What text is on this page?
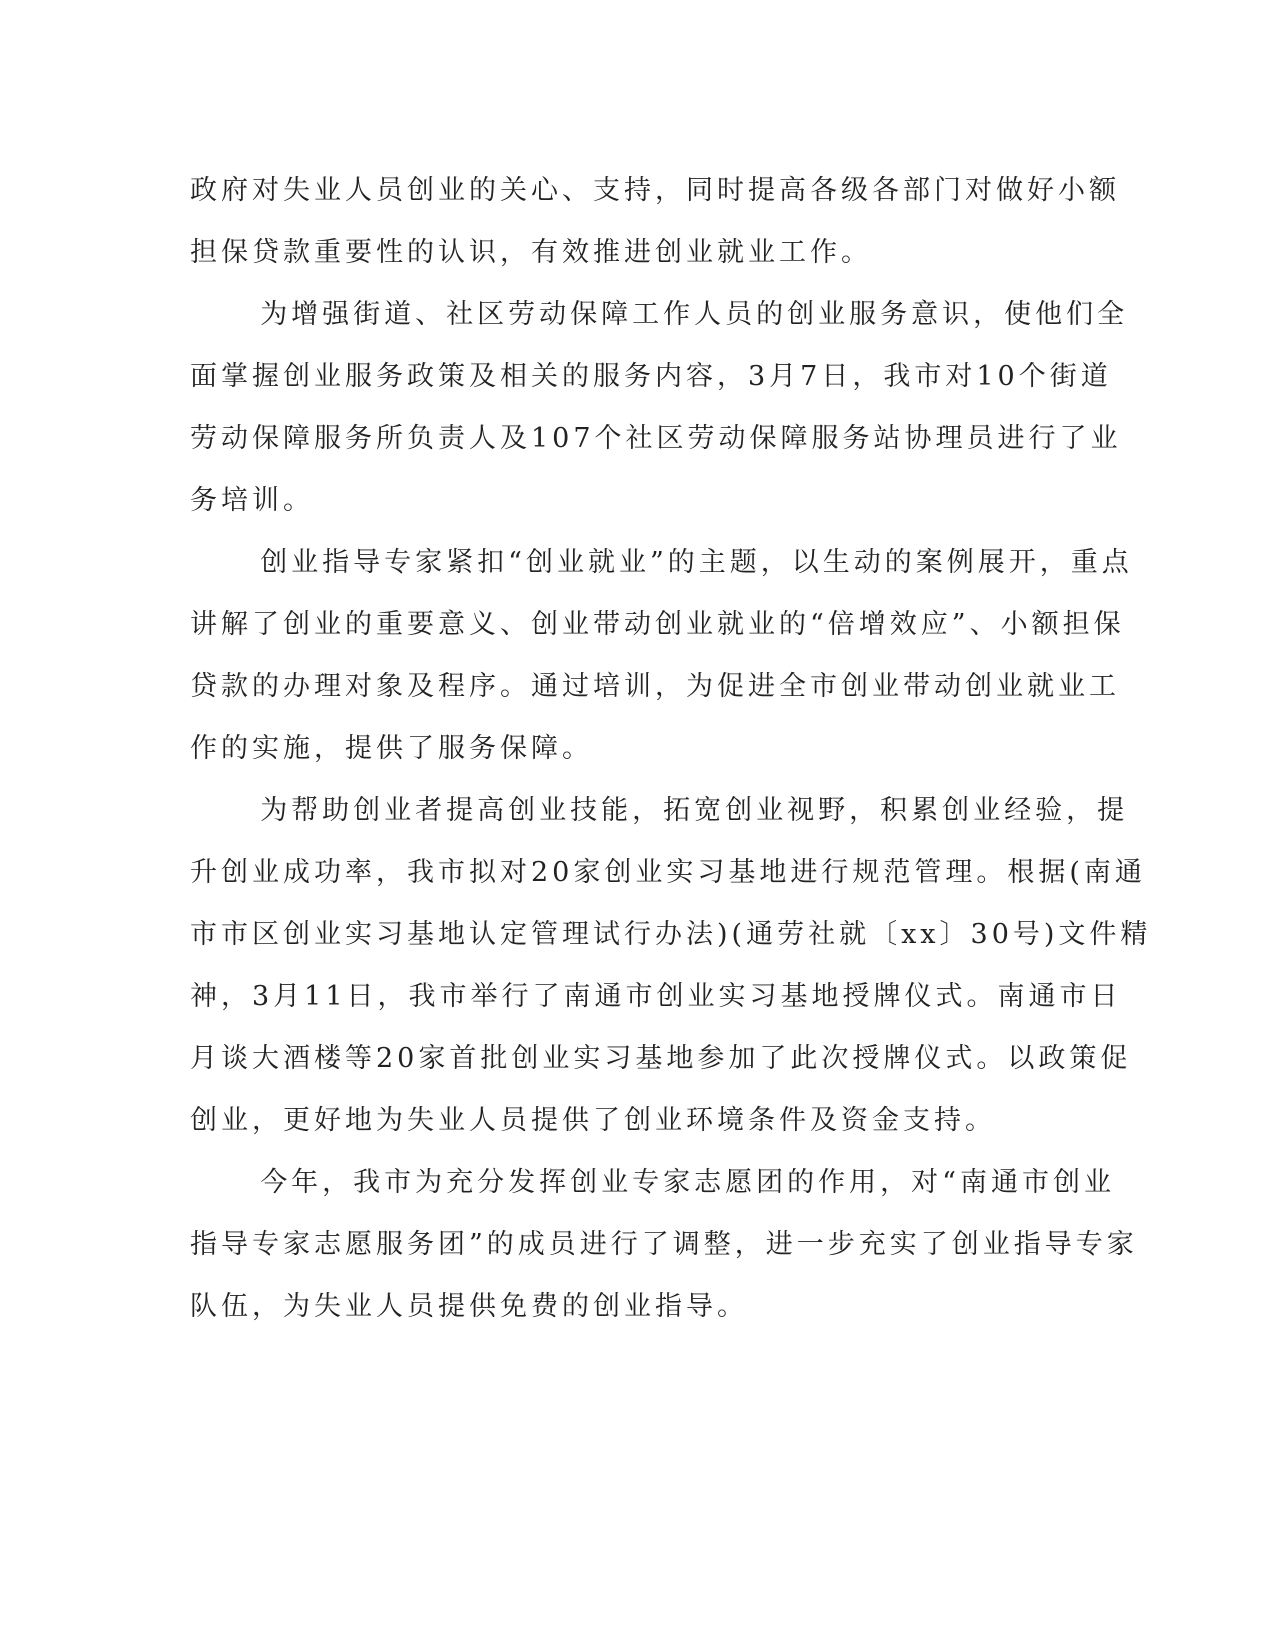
政府对失业人员创业的关心、支持，同时提高各级各部门对做好小额
担保贷款重要性的认识，有效推进创业就业工作。

为增强街道、社区劳动保障工作人员的创业服务意识，使他们全
面掌握创业服务政策及相关的服务内容，3月7日，我市对10个街道
劳动保障服务所负责人及107个社区劳动保障服务站协理员进行了业
务培训。

创业指导专家紧扣“创业就业”的主题，以生动的案例展开，重点
讲解了创业的重要意义、创业带动创业就业的“倍增效应”、小额担保
贷款的办理对象及程序。通过培训，为促进全市创业带动创业就业工
作的实施，提供了服务保障。

为帮助创业者提高创业技能，拓宽创业视野，积累创业经验，提
升创业成功率，我市拟对20家创业实习基地进行规范管理。根据(南通
市市区创业实习基地认定管理试行办法)(通劳社就〔xx〕30号)文件精
神，3月11日，我市举行了南通市创业实习基地授牌仪式。南通市日
月谈大酒楼等20家首批创业实习基地参加了此次授牌仪式。以政策促
创业，更好地为失业人员提供了创业环境条件及资金支持。

今年，我市为充分发挥创业专家志愿团的作用，对“南通市创业
指导专家志愿服务团”的成员进行了调整，进一步充实了创业指导专家
队伍，为失业人员提供免费的创业指导。
